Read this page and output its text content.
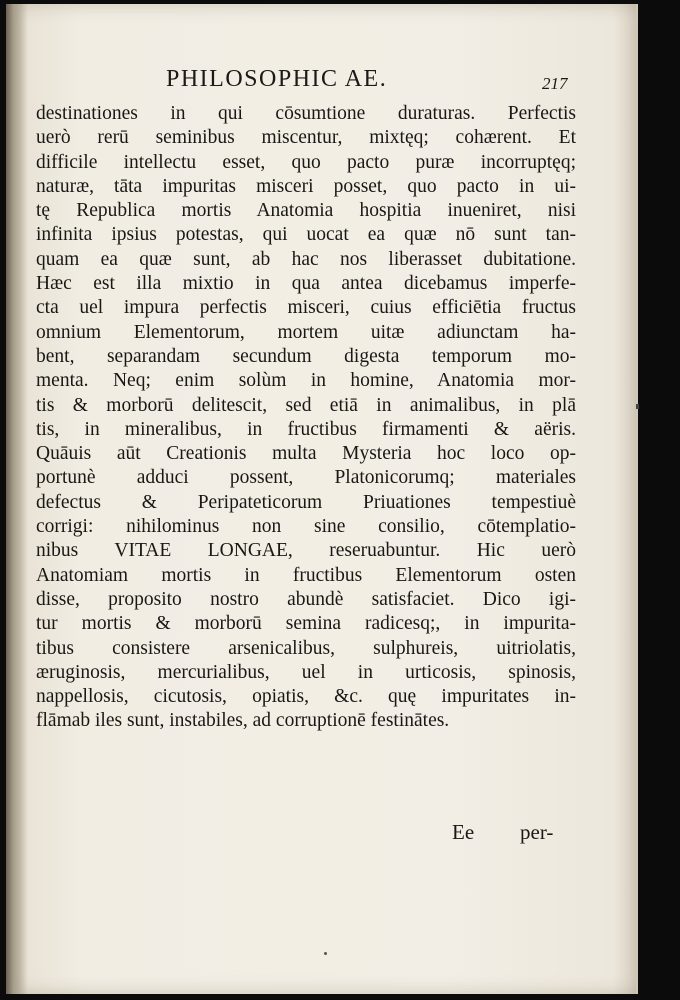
PHILOSOPHIC AE.	217
destinationes in qui cōsumtione duraturas. Perfectis
uerò rerū seminibus miscentur, mixtęq; cohærent. Et
difficile intellectu esset, quo pacto puræ incorruptęq;
naturæ, tāta impuritas misceri posset, quo pacto in ui-
tę Republica mortis Anatomia hospitia inueniret, nisi
infinita ipsius potestas, qui uocat ea quæ nō sunt tan-
quam ea quæ sunt, ab hac nos liberasset dubitatione.
Hæc est illa mixtio in qua antea dicebamus imperfe-
cta uel impura perfectis misceri, cuius efficiētia fructus
omnium Elementorum, mortem uitæ adiunctam ha-
bent, separandam secundum digesta temporum mo-
menta. Neq; enim solùm in homine, Anatomia mor-
tis & morborū delitescit, sed etiā in animalibus, in plā
tis, in mineralibus, in fructibus firmamenti & aëris.
Quāuis aūt Creationis multa Mysteria hoc loco op-
portunè adduci possent, Platonicorumq; materiales
defectus & Peripateticorum Priuationes tempestiuè
corrigi: nihilominus non sine consilio, cōtemplatio-
nibus VITAE LONGAE, reseruabuntur. Hic uerò
Anatomiam mortis in fructibus Elementorum osten
disse, proposito nostro abundè satisfaciet. Dico igi-
tur mortis & morborū semina radicesq;, in impurita-
tibus consistere arsenicalibus, sulphureis, uitriolatis,
æruginosis, mercurialibus, uel in urticosis, spinosis,
nappellosis, cicutosis, opiatis, &c. quę impuritates in-
flāmab iles sunt, instabiles, ad corruptionē festinātes.
Ee per-
